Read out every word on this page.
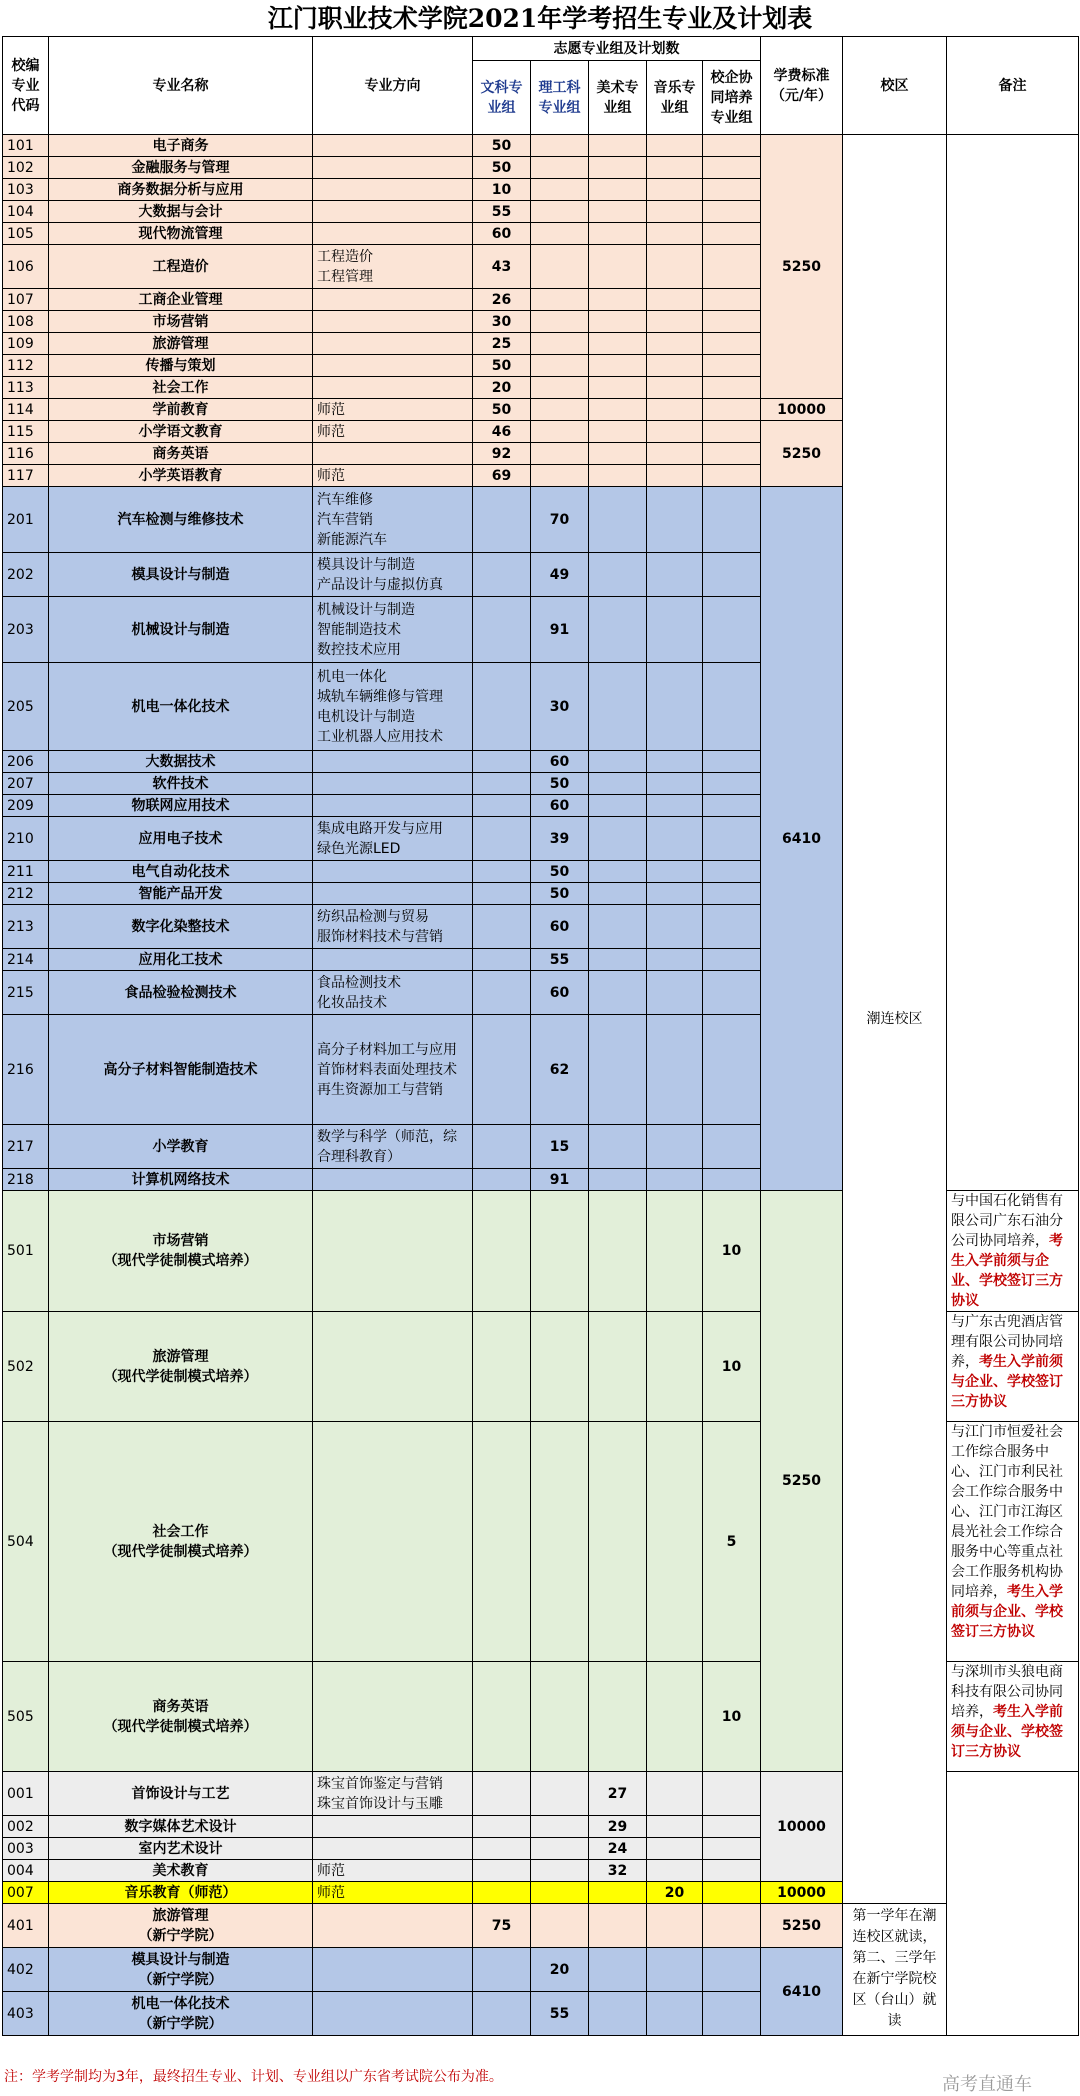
江门职业技术学院2021年学考招生专业及计划表
校编专业代码	专业名称	专业方向	志愿专业组及计划数					学费标准（元/年）	校区	备注
			文科专业组	理工科专业组	美术专业组	音乐专业组	校企协同培养专业组			
101	电子商务		50					5250	潮连校区	
102	金融服务与管理		50							
103	商务数据分析与应用		10							
104	大数据与会计		55							
105	现代物流管理		60							
106	工程造价	工程造价
工程管理	43							
107	工商企业管理		26							
108	市场营销		30							
109	旅游管理		25							
112	传播与策划		50							
113	社会工作		20							
114	学前教育	师范	50					10000		
115	小学语文教育	师范	46					5250		
116	商务英语		92							
117	小学英语教育	师范	69							
201	汽车检测与维修技术	汽车维修
汽车营销
新能源汽车		70				6410		
202	模具设计与制造	模具设计与制造
产品设计与虚拟仿真		49						
203	机械设计与制造	机械设计与制造
智能制造技术
数控技术应用		91						
205	机电一体化技术	机电一体化
城轨车辆维修与管理
电机设计与制造
工业机器人应用技术		30						
206	大数据技术			60						
207	软件技术			50						
209	物联网应用技术			60						
210	应用电子技术	集成电路开发与应用
绿色光源LED		39						
211	电气自动化技术			50						
212	智能产品开发			50						
213	数字化染整技术	纺织品检测与贸易
服饰材料技术与营销		60						
214	应用化工技术			55						
215	食品检验检测技术	食品检测技术
化妆品技术		60						
216	高分子材料智能制造技术	高分子材料加工与应用
首饰材料表面处理技术
再生资源加工与营销		62						
217	小学教育	数学与科学（师范，综合理科教育）		15						
218	计算机网络技术			91						
501	市场营销
（现代学徒制模式培养）						10	5250		与中国石化销售有限公司广东石油分公司协同培养，考生入学前须与企业、学校签订三方协议
502	旅游管理
（现代学徒制模式培养）						10			与广东古兜酒店管理有限公司协同培养，考生入学前须与企业、学校签订三方协议
504	社会工作
（现代学徒制模式培养）						5			与江门市恒爱社会工作综合服务中心、江门市利民社会工作综合服务中心、江门市江海区晨光社会工作综合服务中心等重点社会工作服务机构协同培养，考生入学前须与企业、学校签订三方协议
505	商务英语
（现代学徒制模式培养）						10			与深圳市头狼电商科技有限公司协同培养，考生入学前须与企业、学校签订三方协议
001	首饰设计与工艺	珠宝首饰鉴定与营销
珠宝首饰设计与玉雕			27			10000		
002	数字媒体艺术设计				29					
003	室内艺术设计				24					
004	美术教育	师范			32					
007	音乐教育（师范）	师范				20		10000		
401	旅游管理
（新宁学院）		75					5250	第一学年在潮连校区就读，第二、三学年在新宁学院校区（台山）就读	
402	模具设计与制造
（新宁学院）			20				6410		
403	机电一体化技术
（新宁学院）			55						
注：学考学制均为3年，最终招生专业、计划、专业组以广东省考试院公布为准。	高考直通车
